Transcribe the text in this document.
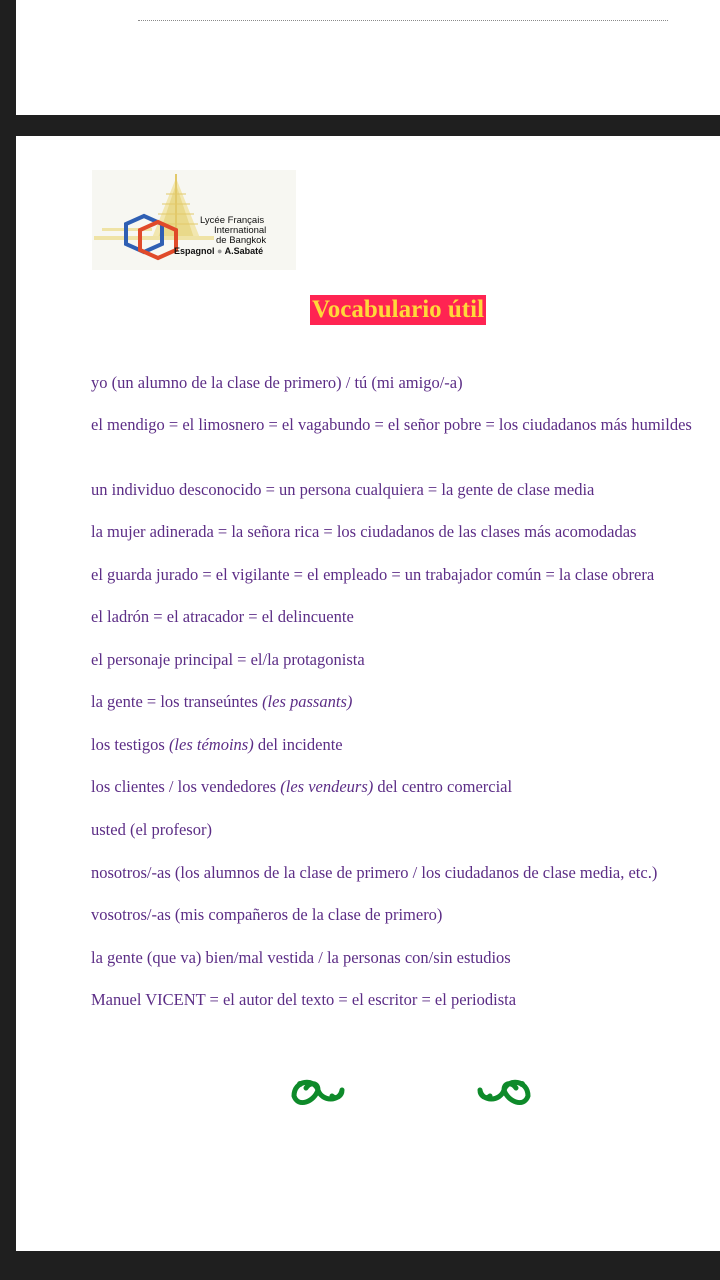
Lycée Français
International
de Bangkok
Espagnol ● A.Sabaté
Vocabulario útil
yo (un alumno de la clase de primero) / tú (mi amigo/-a)
el mendigo = el limosnero = el vagabundo = el señor pobre = los ciudadanos más humildes
un individuo desconocido = un persona cualquiera = la gente de clase media
la mujer adinerada = la señora rica = los ciudadanos de las clases más acomodadas
el guarda jurado = el vigilante = el empleado = un trabajador común = la clase obrera
el ladrón = el atracador = el delincuente
el personaje principal = el/la protagonista
la gente = los transeúntes (les passants)
los testigos (les témoins) del incidente
los clientes / los vendedores (les vendeurs) del centro comercial
usted (el profesor)
nosotros/-as (los alumnos de la clase de primero / los ciudadanos de clase media, etc.)
vosotros/-as (mis compañeros de la clase de primero)
la gente (que va) bien/mal vestida / la personas con/sin estudios
Manuel VICENT = el autor del texto = el escritor = el periodista
